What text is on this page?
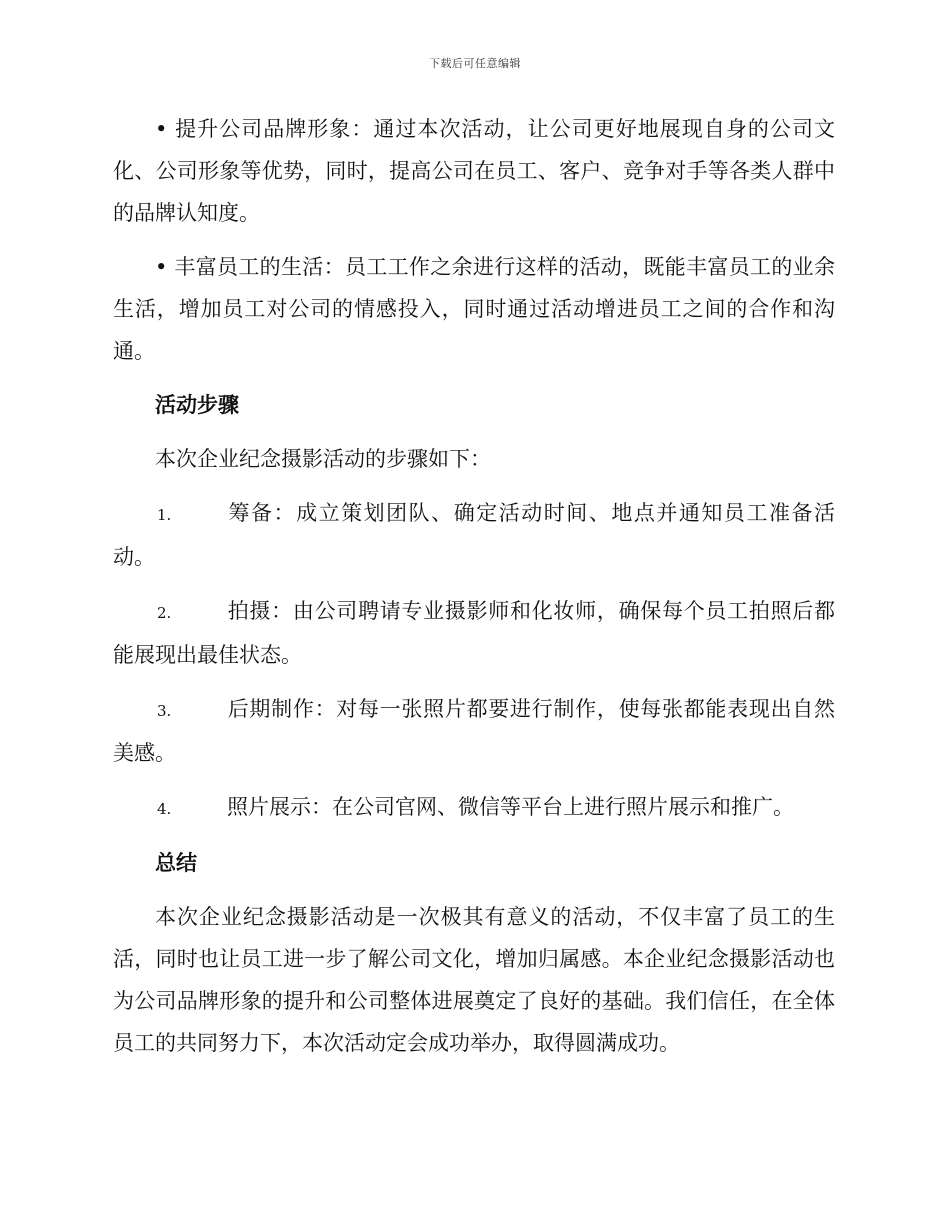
下载后可任意编辑

• 提升公司品牌形象：通过本次活动，让公司更好地展现自身的公司文化、公司形象等优势，同时，提高公司在员工、客户、竞争对手等各类人群中的品牌认知度。

• 丰富员工的生活：员工工作之余进行这样的活动，既能丰富员工的业余生活，增加员工对公司的情感投入，同时通过活动增进员工之间的合作和沟通。

活动步骤

本次企业纪念摄影活动的步骤如下：

1.	筹备：成立策划团队、确定活动时间、地点并通知员工准备活动。

2.	拍摄：由公司聘请专业摄影师和化妆师，确保每个员工拍照后都能展现出最佳状态。

3.	后期制作：对每一张照片都要进行制作，使每张都能表现出自然美感。

4.	照片展示：在公司官网、微信等平台上进行照片展示和推广。

总结

本次企业纪念摄影活动是一次极其有意义的活动，不仅丰富了员工的生活，同时也让员工进一步了解公司文化，增加归属感。本企业纪念摄影活动也为公司品牌形象的提升和公司整体进展奠定了良好的基础。我们信任，在全体员工的共同努力下，本次活动定会成功举办，取得圆满成功。
